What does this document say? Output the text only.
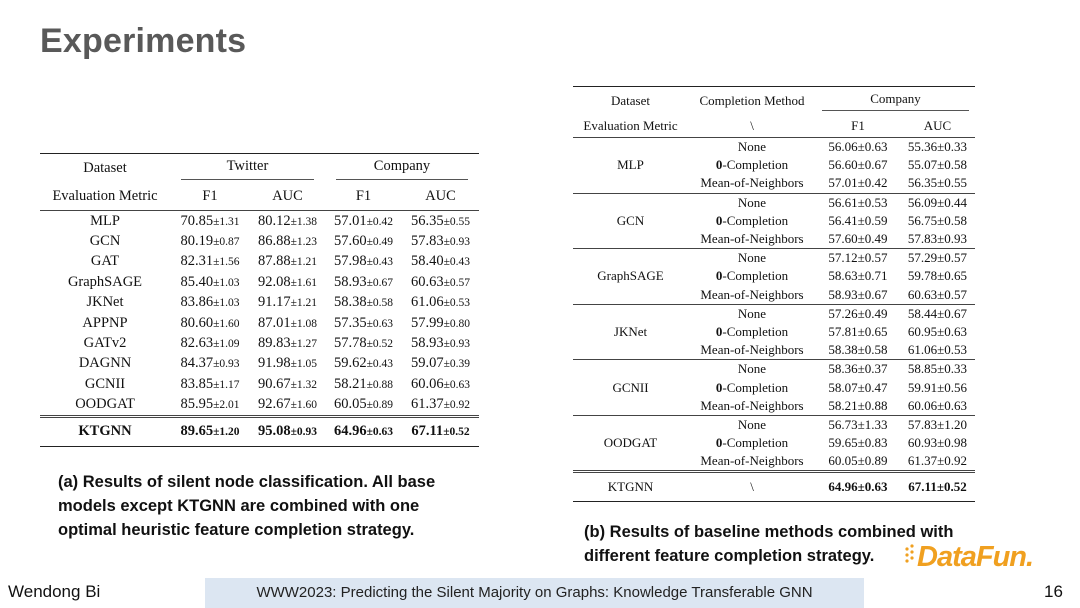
Experiments
Dataset	Twitter		Company	
Evaluation Metric	F1	AUC	F1	AUC
MLP	70.85±1.31	80.12±1.38	57.01±0.42	56.35±0.55
GCN	80.19±0.87	86.88±1.23	57.60±0.49	57.83±0.93
GAT	82.31±1.56	87.88±1.21	57.98±0.43	58.40±0.43
GraphSAGE	85.40±1.03	92.08±1.61	58.93±0.67	60.63±0.57
JKNet	83.86±1.03	91.17±1.21	58.38±0.58	61.06±0.53
APPNP	80.60±1.60	87.01±1.08	57.35±0.63	57.99±0.80
GATv2	82.63±1.09	89.83±1.27	57.78±0.52	58.93±0.93
DAGNN	84.37±0.93	91.98±1.05	59.62±0.43	59.07±0.39
GCNII	83.85±1.17	90.67±1.32	58.21±0.88	60.06±0.63
OODGAT	85.95±2.01	92.67±1.60	60.05±0.89	61.37±0.92
KTGNN	89.65±1.20	95.08±0.93	64.96±0.63	67.11±0.52
(a) Results of silent node classification. All base models except KTGNN are combined with one optimal heuristic feature completion strategy.
Dataset	Completion Method	Company	
Evaluation Metric	\	F1	AUC
MLP	None	56.06±0.63	55.36±0.33
	0-Completion	56.60±0.67	55.07±0.58
	Mean-of-Neighbors	57.01±0.42	56.35±0.55
GCN	None	56.61±0.53	56.09±0.44
	0-Completion	56.41±0.59	56.75±0.58
	Mean-of-Neighbors	57.60±0.49	57.83±0.93
GraphSAGE	None	57.12±0.57	57.29±0.57
	0-Completion	58.63±0.71	59.78±0.65
	Mean-of-Neighbors	58.93±0.67	60.63±0.57
JKNet	None	57.26±0.49	58.44±0.67
	0-Completion	57.81±0.65	60.95±0.63
	Mean-of-Neighbors	58.38±0.58	61.06±0.53
GCNII	None	58.36±0.37	58.85±0.33
	0-Completion	58.07±0.47	59.91±0.56
	Mean-of-Neighbors	58.21±0.88	60.06±0.63
OODGAT	None	56.73±1.33	57.83±1.20
	0-Completion	59.65±0.83	60.93±0.98
	Mean-of-Neighbors	60.05±0.89	61.37±0.92
KTGNN	\	64.96±0.63	67.11±0.52
(b) Results of baseline methods combined with different feature completion strategy.	DataFun.
Wendong Bi	WWW2023: Predicting the Silent Majority on Graphs: Knowledge Transferable GNN	16
